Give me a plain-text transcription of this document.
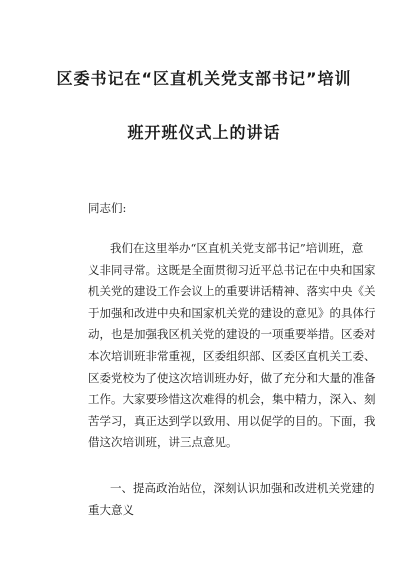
区委书记在“区直机关党支部书记”培训
班开班仪式上的讲话

同志们:

我们在这里举办“区直机关党支部书记”培训班，意
义非同寻常。这既是全面贯彻习近平总书记在中央和国家
机关党的建设工作会议上的重要讲话精神、落实中央《关
于加强和改进中央和国家机关党的建设的意见》的具体行
动，也是加强我区机关党的建设的一项重要举措。区委对
本次培训班非常重视，区委组织部、区委区直机关工委、
区委党校为了使这次培训班办好，做了充分和大量的准备
工作。大家要珍惜这次难得的机会，集中精力，深入、刻
苦学习，真正达到学以致用、用以促学的目的。下面，我
借这次培训班，讲三点意见。
一、提高政治站位，深刻认识加强和改进机关党建的
重大意义
